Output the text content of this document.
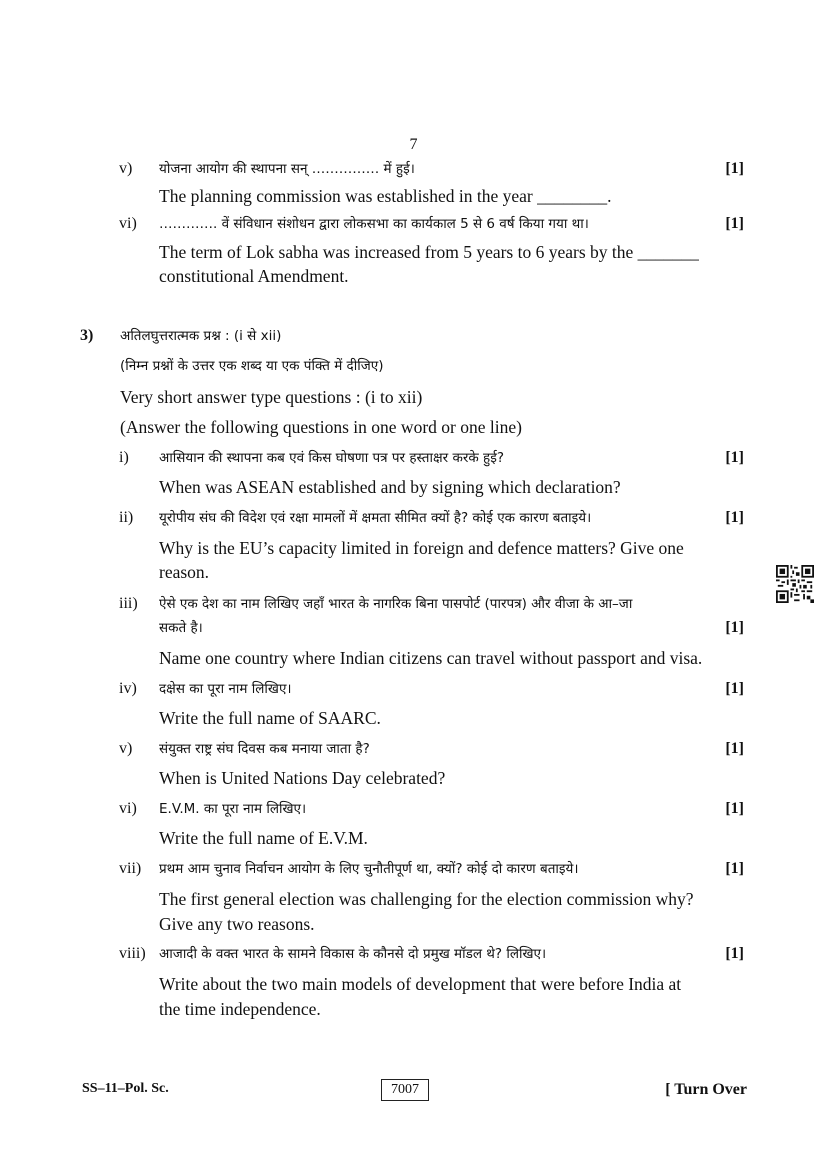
7
v) योजना आयोग की स्थापना सन् …………… में हुई।	[1]
The planning commission was established in the year ________.
vi) …………. वें संविधान संशोधन द्वारा लोकसभा का कार्यकाल 5 से 6 वर्ष किया गया था।	[1]
The term of Lok sabha was increased from 5 years to 6 years by the _______
constitutional Amendment.
3) अतिलघुत्तरात्मक प्रश्न : (i से xii)
(निम्न प्रश्नों के उत्तर एक शब्द या एक पंक्ति में दीजिए)
Very short answer type questions : (i to xii)
(Answer the following questions in one word or one line)
i) आसियान की स्थापना कब एवं किस घोषणा पत्र पर हस्ताक्षर करके हुई?	[1]
When was ASEAN established and by signing which declaration?
ii) यूरोपीय संघ की विदेश एवं रक्षा मामलों में क्षमता सीमित क्यों है? कोई एक कारण बताइये।	[1]
Why is the EU’s capacity limited in foreign and defence matters? Give one
reason.
iii) ऐसे एक देश का नाम लिखिए जहाँ भारत के नागरिक बिना पासपोर्ट (पारपत्र) और वीजा के आ–जा
सकते है।	[1]
Name one country where Indian citizens can travel without passport and visa.
iv) दक्षेस का पूरा नाम लिखिए।	[1]
Write the full name of SAARC.
v) संयुक्त राष्ट्र संघ दिवस कब मनाया जाता है?	[1]
When is United Nations Day celebrated?
vi) E.V.M. का पूरा नाम लिखिए।	[1]
Write the full name of E.V.M.
vii) प्रथम आम चुनाव निर्वाचन आयोग के लिए चुनौतीपूर्ण था, क्यों? कोई दो कारण बताइये।	[1]
The first general election was challenging for the election commission why?
Give any two reasons.
viii) आजादी के वक्त भारत के सामने विकास के कौनसे दो प्रमुख मॉडल थे? लिखिए।	[1]
Write about the two main models of development that were before India at
the time independence.
SS–11–Pol. Sc.	7007	[ Turn Over
